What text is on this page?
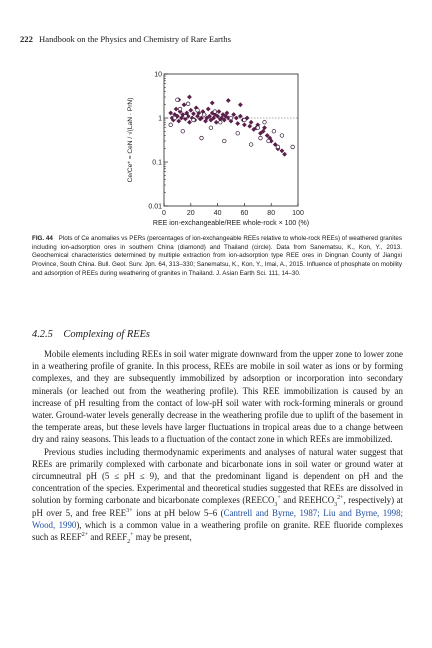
222 Handbook on the Physics and Chemistry of Rare Earths
0	20	40	60	80 100
0.01
0.1
1
10
REE ion-exchangeable/REE whole-rock × 100 (%)
Ce/Ce* = CeN / √(LaN · PrN)
FIG. 44 Plots of Ce anomalies vs PERs (percentages of ion-exchangeable REEs relative to whole-rock REEs) of weathered granites including ion-adsorption ores in southern China (diamond) and Thailand (circle). Data from Sanematsu, K., Kon, Y., 2013. Geochemical characteristics determined by multiple extraction from ion-adsorption type REE ores in Dingnan County of Jiangxi Province, South China. Bull. Geol. Surv. Jpn. 64, 313–330; Sanematsu, K., Kon, Y., Imai, A., 2015. Influence of phosphate on mobility and adsorption of REEs during weathering of granites in Thailand. J. Asian Earth Sci. 111, 14–30.
4.2.5 Complexing of REEs

Mobile elements including REEs in soil water migrate downward from the upper zone to lower zone in a weathering profile of granite. In this process, REEs are mobile in soil water as ions or by forming complexes, and they are subsequently immobilized by adsorption or incorporation into secondary minerals (or leached out from the weathering profile). This REE immobilization is caused by an increase of pH resulting from the contact of low-pH soil water with rock-forming minerals or ground water. Ground-water levels generally decrease in the weathering profile due to uplift of the basement in the temperate areas, but these levels have larger fluctuations in tropical areas due to a change between dry and rainy seasons. This leads to a fluctuation of the contact zone in which REEs are immobilized.

Previous studies including thermodynamic experiments and analyses of natural water suggest that REEs are primarily complexed with carbonate and bicarbonate ions in soil water or ground water at circumneutral pH (5 ≤ pH ≤ 9), and that the predominant ligand is dependent on pH and the concentration of the species. Experimental and theoretical studies suggested that REEs are dissolved in solution by forming carbonate and bicarbonate complexes ($REECO_3^+$ and $REEHCO_3^{2+}$, respectively) at pH over 5, and free $REE^{3+}$ ions at pH below 5–6 (Cantrell and Byrne, 1987; Liu and Byrne, 1998; Wood, 1990), which is a common value in a weathering profile on granite. REE fluoride complexes such as $REEF^{2+}$ and $REEF_2^+$ may be present,
